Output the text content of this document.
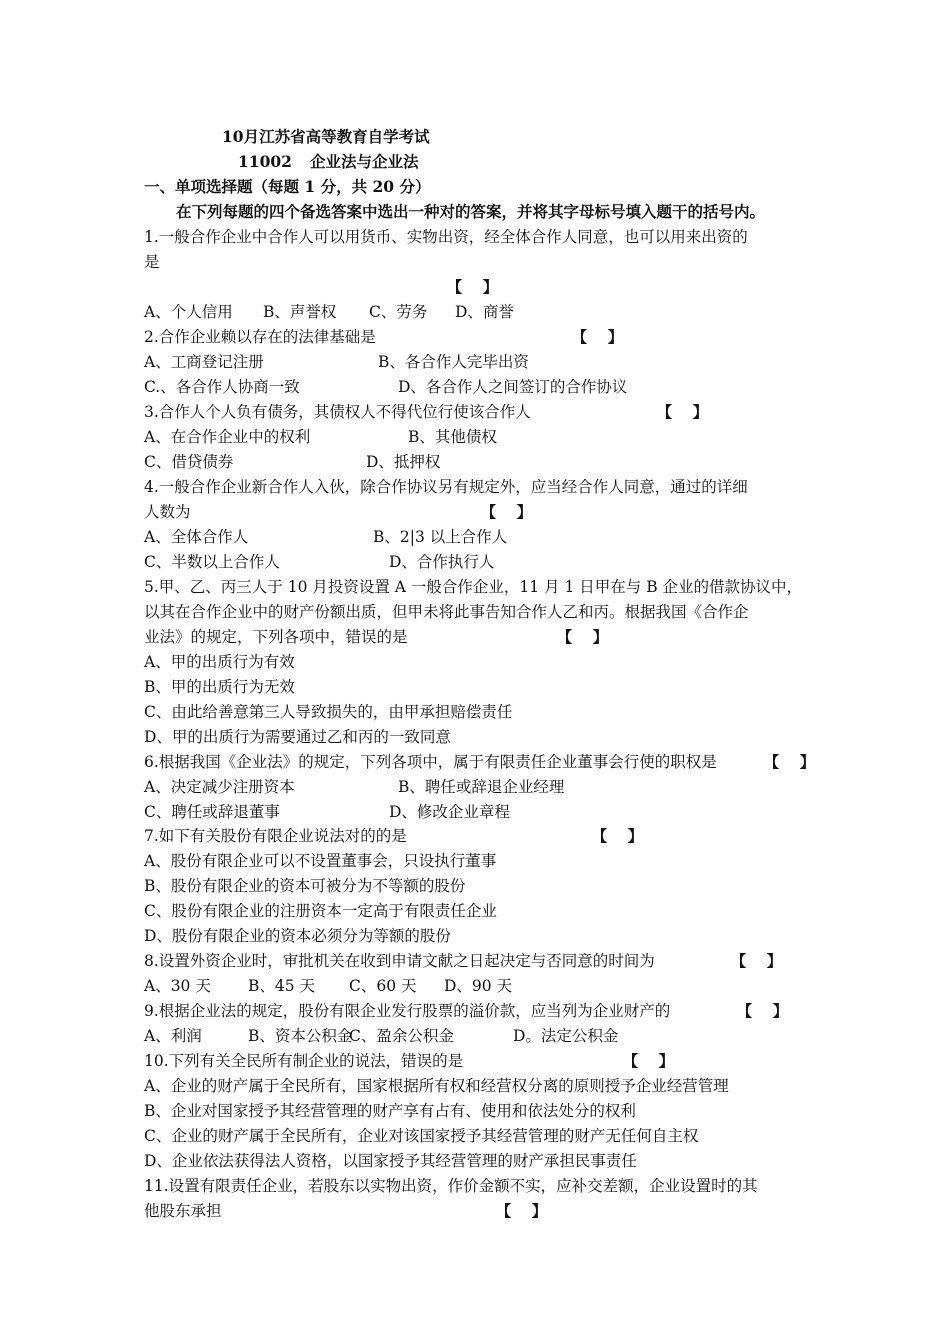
10月江苏省高等教育自学考试
11002 企业法与企业法
一、单项选择题（每题 1 分，共 20 分）
在下列每题的四个备选答案中选出一种对的答案，并将其字母标号填入题干的括号内。
1.一般合作企业中合作人可以用货币、实物出资，经全体合作人同意，也可以用来出资的
是
【    】
A、个人信用 B、声誉权 C、劳务 D、商誉
2.合作企业赖以存在的法律基础是	【    】
A、工商登记注册	B、各合作人完毕出资
C.、各合作人协商一致	D、各合作人之间签订的合作协议
3.合作人个人负有债务，其债权人不得代位行使该合作人	【    】
A、在合作企业中的权利	B、其他债权
C、借贷债券	D、抵押权
4.一般合作企业新合作人入伙，除合作协议另有规定外，应当经合作人同意，通过的详细
人数为	【    】
A、全体合作人	B、2|3 以上合作人
C、半数以上合作人	D、合作执行人
5.甲、乙、丙三人于 10 月投资设置 A 一般合作企业，11 月 1 日甲在与 B 企业的借款协议中，
以其在合作企业中的财产份额出质，但甲未将此事告知合作人乙和丙。根据我国《合作企
业法》的规定，下列各项中，错误的是	【    】
A、甲的出质行为有效
B、甲的出质行为无效
C、由此给善意第三人导致损失的，由甲承担赔偿责任
D、甲的出质行为需要通过乙和丙的一致同意
6.根据我国《企业法》的规定，下列各项中，属于有限责任企业董事会行使的职权是	【    】
A、决定减少注册资本	B、聘任或辞退企业经理
C、聘任或辞退董事	D、修改企业章程
7.如下有关股份有限企业说法对的的是	【    】
A、股份有限企业可以不设置董事会，只设执行董事
B、股份有限企业的资本可被分为不等额的股份
C、股份有限企业的注册资本一定高于有限责任企业
D、股份有限企业的资本必须分为等额的股份
8.设置外资企业时，审批机关在收到申请文献之日起决定与否同意的时间为	【    】
A、30 天 B、45 天 C、60 天 D、90 天
9.根据企业法的规定，股份有限企业发行股票的溢价款，应当列为企业财产的	【    】
A、利润	B、资本公积金
C、盈余公积金	D。法定公积金
10.下列有关全民所有制企业的说法，错误的是	【    】
A、企业的财产属于全民所有，国家根据所有权和经营权分离的原则授予企业经营管理
B、企业对国家授予其经营管理的财产享有占有、使用和依法处分的权利
C、企业的财产属于全民所有，企业对该国家授予其经营管理的财产无任何自主权
D、企业依法获得法人资格，以国家授予其经营管理的财产承担民事责任
11.设置有限责任企业，若股东以实物出资，作价金额不实，应补交差额，企业设置时的其
他股东承担	【    】
